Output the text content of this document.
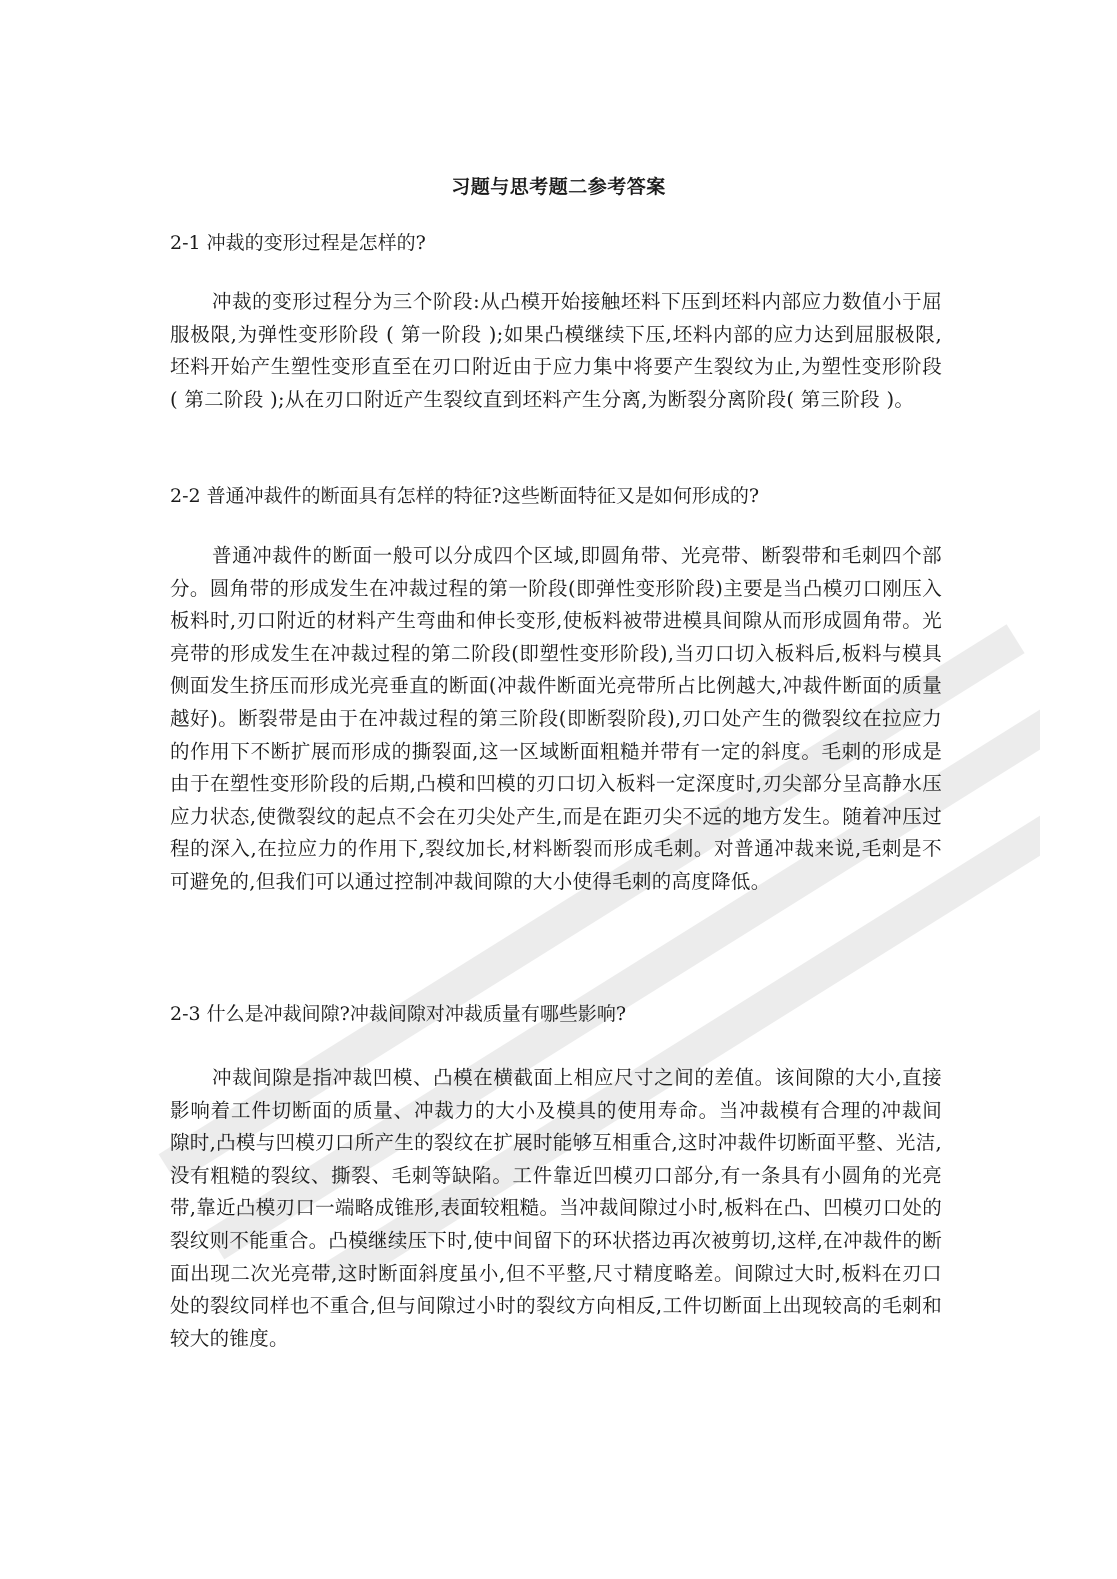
习题与思考题二参考答案
2-1 冲裁的变形过程是怎样的?
冲裁的变形过程分为三个阶段:从凸模开始接触坯料下压到坯料内部应力数值小于屈服极限,为弹性变形阶段 ( 第一阶段 );如果凸模继续下压,坯料内部的应力达到屈服极限,坯料开始产生塑性变形直至在刃口附近由于应力集中将要产生裂纹为止,为塑性变形阶段 ( 第二阶段 );从在刃口附近产生裂纹直到坯料产生分离,为断裂分离阶段( 第三阶段 )。
2-2 普通冲裁件的断面具有怎样的特征?这些断面特征又是如何形成的?
普通冲裁件的断面一般可以分成四个区域,即圆角带、光亮带、断裂带和毛刺四个部分。圆角带的形成发生在冲裁过程的第一阶段(即弹性变形阶段)主要是当凸模刃口刚压入板料时,刃口附近的材料产生弯曲和伸长变形,使板料被带进模具间隙从而形成圆角带。光亮带的形成发生在冲裁过程的第二阶段(即塑性变形阶段),当刃口切入板料后,板料与模具侧面发生挤压而形成光亮垂直的断面(冲裁件断面光亮带所占比例越大,冲裁件断面的质量越好)。断裂带是由于在冲裁过程的第三阶段(即断裂阶段),刃口处产生的微裂纹在拉应力的作用下不断扩展而形成的撕裂面,这一区域断面粗糙并带有一定的斜度。毛刺的形成是由于在塑性变形阶段的后期,凸模和凹模的刃口切入板料一定深度时,刃尖部分呈高静水压应力状态,使微裂纹的起点不会在刃尖处产生,而是在距刃尖不远的地方发生。随着冲压过程的深入,在拉应力的作用下,裂纹加长,材料断裂而形成毛刺。对普通冲裁来说,毛刺是不可避免的,但我们可以通过控制冲裁间隙的大小使得毛刺的高度降低。
2-3 什么是冲裁间隙?冲裁间隙对冲裁质量有哪些影响?
冲裁间隙是指冲裁凹模、凸模在横截面上相应尺寸之间的差值。该间隙的大小,直接影响着工件切断面的质量、冲裁力的大小及模具的使用寿命。当冲裁模有合理的冲裁间隙时,凸模与凹模刃口所产生的裂纹在扩展时能够互相重合,这时冲裁件切断面平整、光洁,没有粗糙的裂纹、撕裂、毛刺等缺陷。工件靠近凹模刃口部分,有一条具有小圆角的光亮带,靠近凸模刃口一端略成锥形,表面较粗糙。当冲裁间隙过小时,板料在凸、凹模刃口处的裂纹则不能重合。凸模继续压下时,使中间留下的环状搭边再次被剪切,这样,在冲裁件的断面出现二次光亮带,这时断面斜度虽小,但不平整,尺寸精度略差。间隙过大时,板料在刃口处的裂纹同样也不重合,但与间隙过小时的裂纹方向相反,工件切断面上出现较高的毛刺和较大的锥度。
